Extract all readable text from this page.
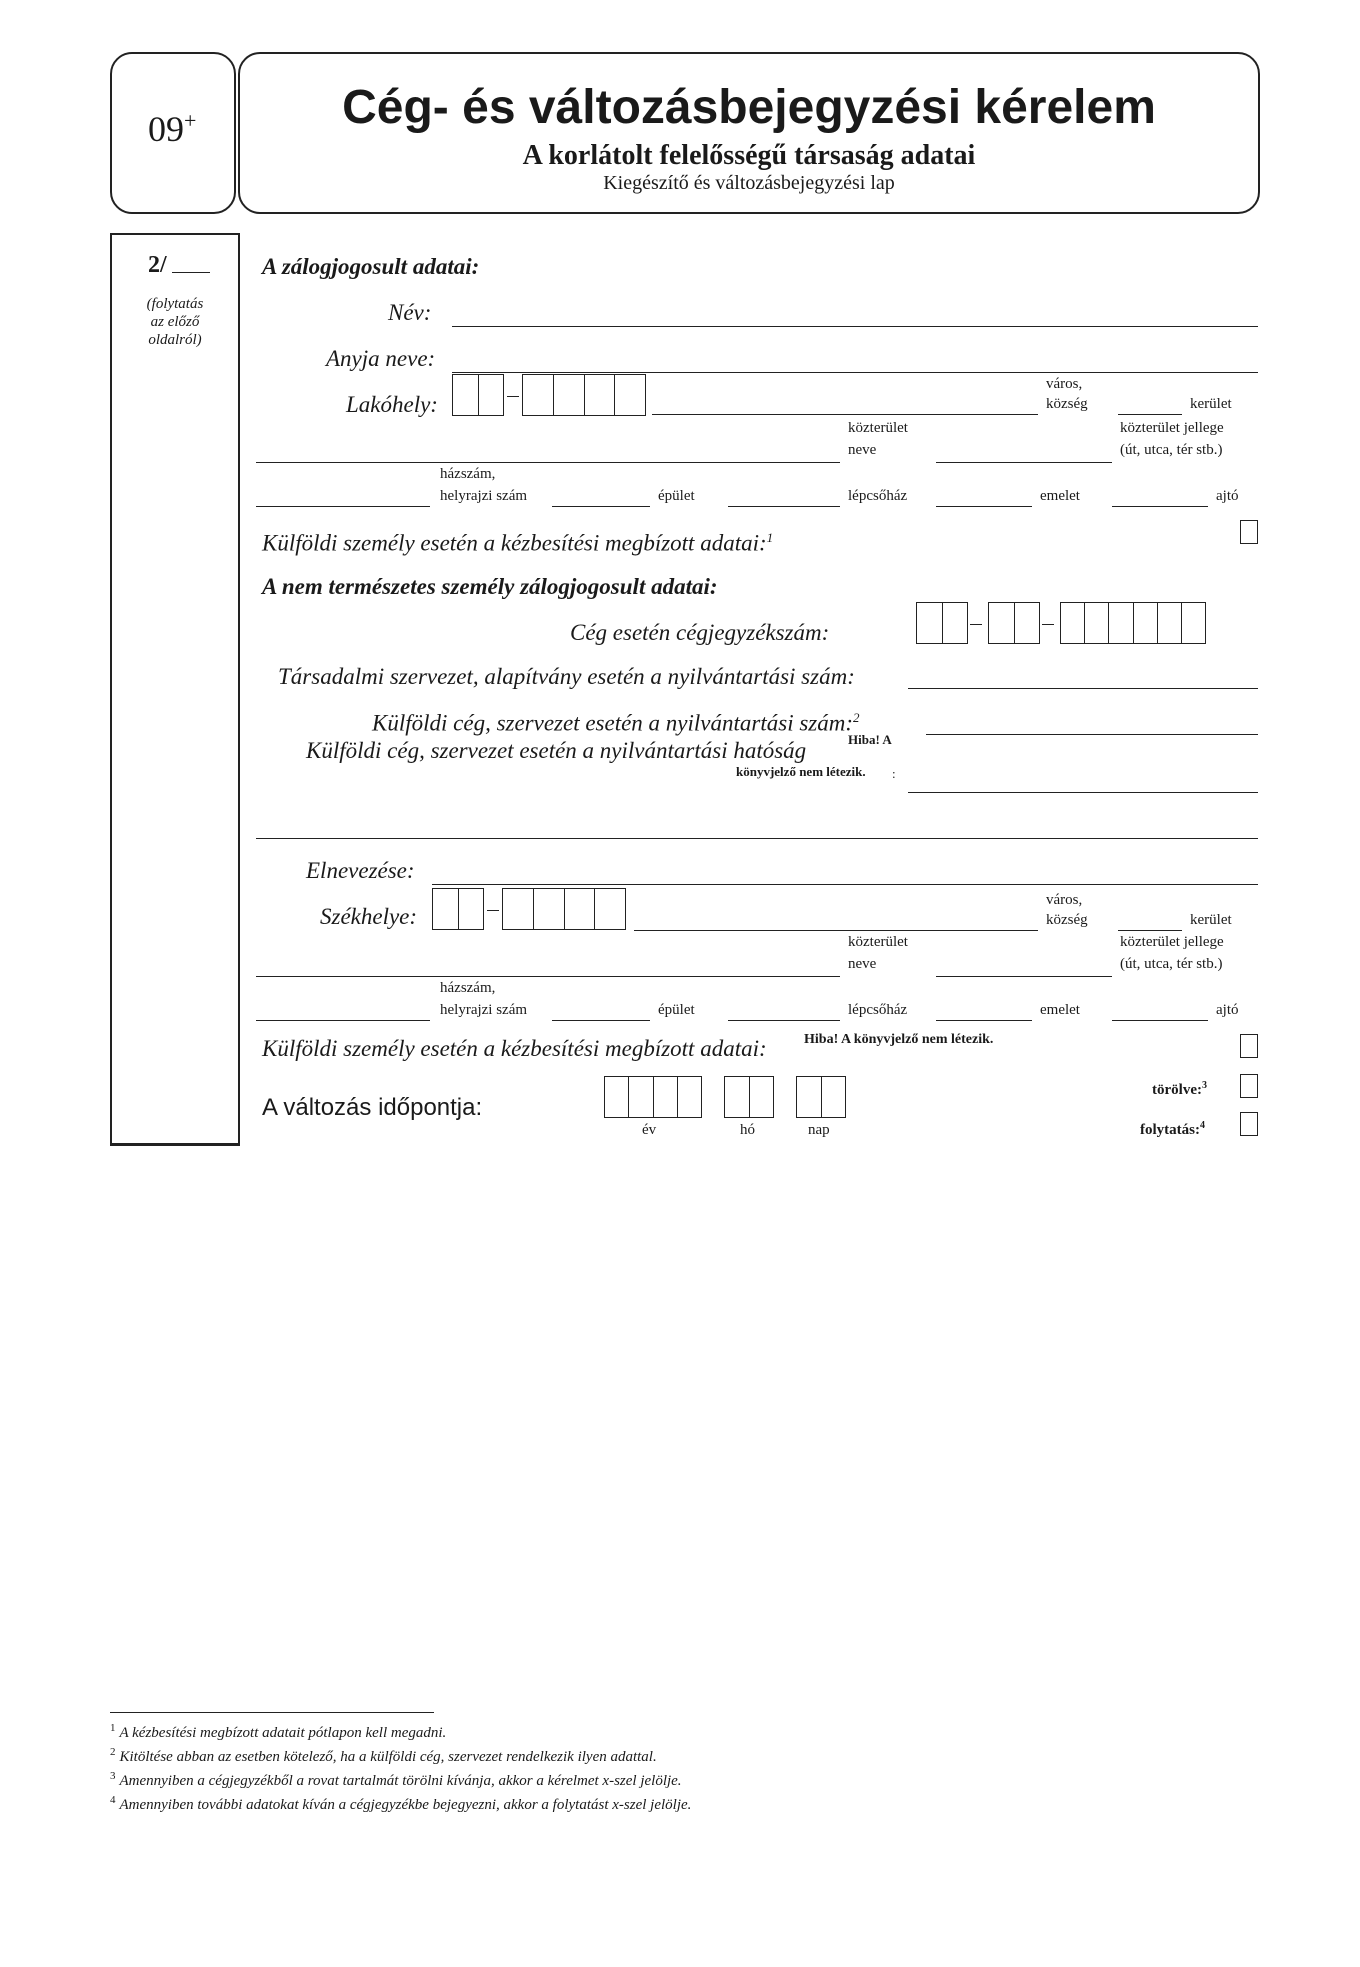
09+	Cég- és változásbejegyzési kérelem
A korlátolt felelősségű társaság adatai
Kiegészítő és változásbejegyzési lap
2/
(folytatás
az előző
oldalról)
A zálogjogosult adatai:
Név:
Anyja neve:
Lakóhely:
város,
község	kerület
közterület
neve
közterület jellege
(út, utca, tér stb.)
házszám,
helyrajzi szám	épület	lépcsőház	emelet	ajtó
Külföldi személy esetén a kézbesítési megbízott adatai:$^1$
A nem természetes személy zálogjogosult adatai:
Cég esetén cégjegyzékszám:
Társadalmi szervezet, alapítvány esetén a nyilvántartási szám:
Külföldi cég, szervezet esetén a nyilvántartási szám:$^2$
Külföldi cég, szervezet esetén a nyilvántartási hatóság	Hiba! A
könyvjelző nem létezik. :
Elnevezése:
Székhelye:
város,
község	kerület
közterület
neve
közterület jellege
(út, utca, tér stb.)
házszám,
helyrajzi szám	épület	lépcsőház	emelet	ajtó
Külföldi személy esetén a kézbesítési megbízott adatai:	Hiba! A könyvjelző nem létezik.
A változás időpontja:
év	hó	nap
törölve:$^3$
folytatás:$^4$
$^1$ A kézbesítési megbízott adatait pótlapon kell megadni.
$^2$ Kitöltése abban az esetben kötelező, ha a külföldi cég, szervezet rendelkezik ilyen adattal.
$^3$ Amennyiben a cégjegyzékből a rovat tartalmát törölni kívánja, akkor a kérelmet x-szel jelölje.
$^4$ Amennyiben további adatokat kíván a cégjegyzékbe bejegyezni, akkor a folytatást x-szel jelölje.
